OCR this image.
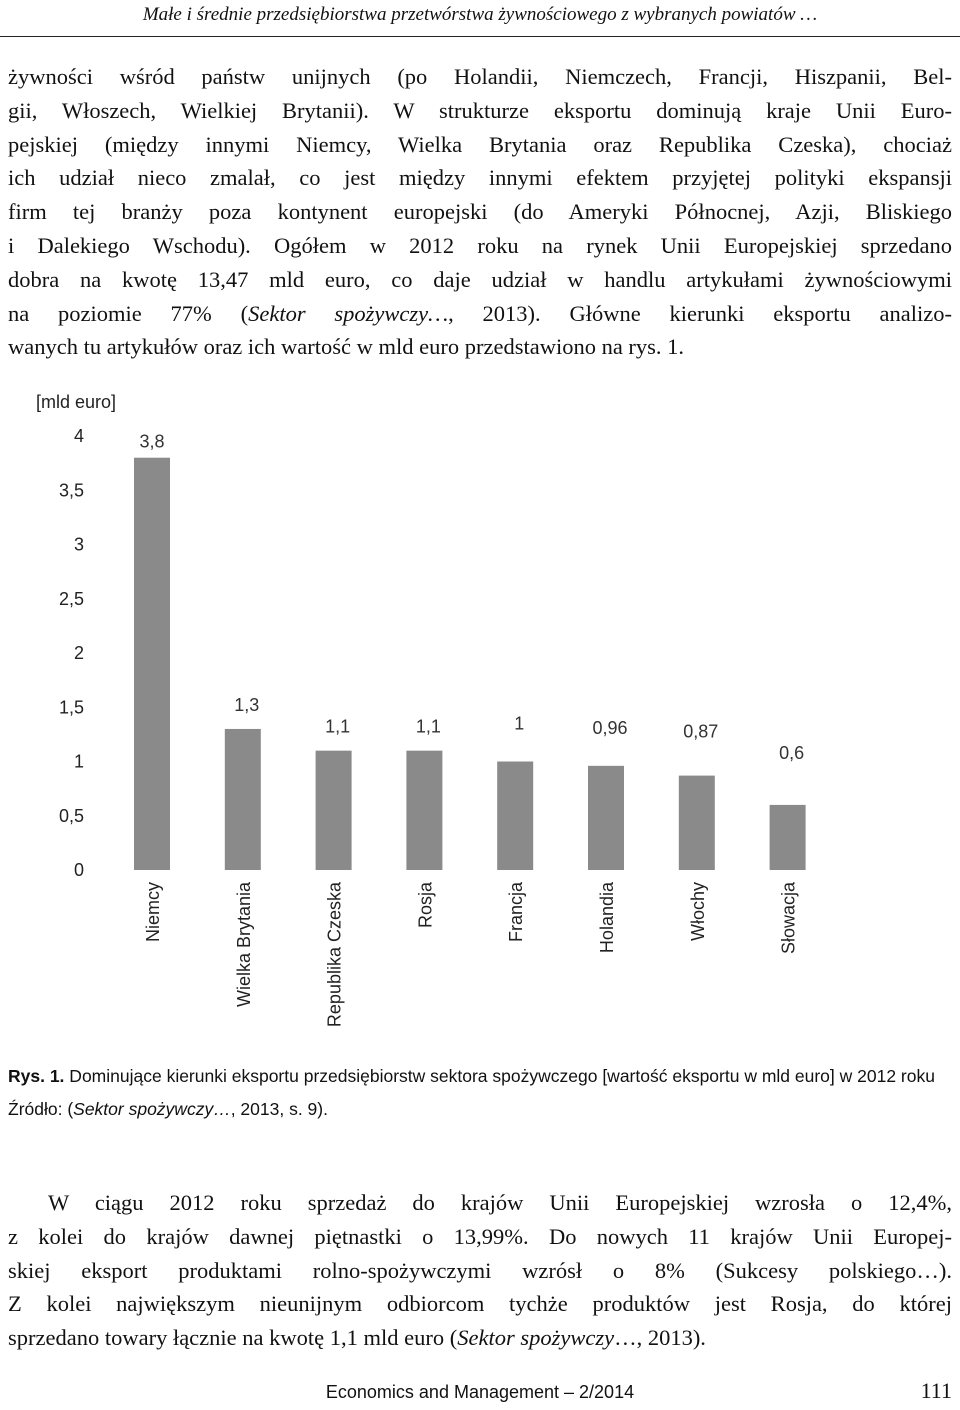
Małe i średnie przedsiębiorstwa przetwórstwa żywnościowego z wybranych powiatów …
żywności wśród państw unijnych (po Holandii, Niemczech, Francji, Hiszpanii, Bel-
gii, Włoszech, Wielkiej Brytanii). W strukturze eksportu dominują kraje Unii Euro-
pejskiej (między innymi Niemcy, Wielka Brytania oraz Republika Czeska), chociaż
ich udział nieco zmalał, co jest między innymi efektem przyjętej polityki ekspansji
firm tej branży poza kontynent europejski (do Ameryki Północnej, Azji, Bliskiego
i Dalekiego Wschodu). Ogółem w 2012 roku na rynek Unii Europejskiej sprzedano
dobra na kwotę 13,47 mld euro, co daje udział w handlu artykułami żywnościowymi
na poziomie 77% (Sektor spożywczy…, 2013). Główne kierunki eksportu analizo-
wanych tu artykułów oraz ich wartość w mld euro przedstawiono na rys. 1.
[mld euro]
0
0,5
1
1,5
2
2,5
3
3,5
4	3,8
1,3
1,1	1,1	1	0,96	0,87
0,6
Niemcy	Wielka Brytania	Republika Czeska	Rosja	Francja	Holandia	Włochy	Słowacja

Rys. 1. Dominujące kierunki eksportu przedsiębiorstw sektora spożywczego [wartość eksportu w mld euro] w 2012 roku

Źródło: (Sektor spożywczy…, 2013, s. 9).

W ciągu 2012 roku sprzedaż do krajów Unii Europejskiej wzrosła o 12,4%,
z kolei do krajów dawnej piętnastki o 13,99%. Do nowych 11 krajów Unii Europej-
skiej eksport produktami rolno-spożywczymi wzrósł o 8% (Sukcesy polskiego…).
Z kolei największym nieunijnym odbiorcom tychże produktów jest Rosja, do której
sprzedano towary łącznie na kwotę 1,1 mld euro (Sektor spożywczy…, 2013).
Economics and Management – 2/2014	111
